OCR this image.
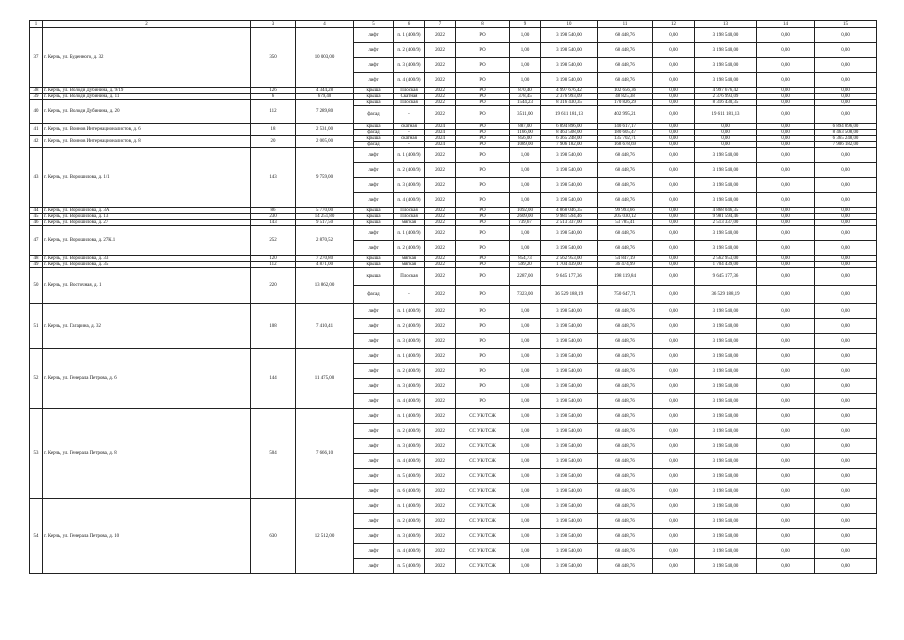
1	2	3	4	5	6	7	8	9	10	11	12	13	14	15
37	г. Керчь, ул. Буденного, д. 32	350	10 003,00	лифт	п. 1 (400/9)	2022	РО	1,00	3 198 540,00	68 448,76	0,00	3 198 540,00	0,00	0,00
				лифт	п. 2 (400/9)	2022	РО	1,00	3 198 540,00	68 448,76	0,00	3 198 540,00	0,00	0,00
				лифт	п. 3 (400/9)	2022	РО	1,00	3 198 540,00	68 448,76	0,00	3 198 540,00	0,00	0,00
				лифт	п. 4 (400/9)	2022	РО	1,00	3 198 540,00	68 448,76	0,00	3 198 540,00	0,00	0,00
38	г. Керчь, ул. Володи Дубинина, д. 9/19	126	4 344,28	крыша	Плоская	2022	РО	870,40	4 997 676,42	102 656,36	0,00	4 997 676,42	0,00	0,00
39	г. Керчь, ул. Володи Дубинина, д. 11	6	679,40	крыша	Скатная	2022	РО	378,45	2 376 993,09	48 825,38	0,00	2 376 993,09	0,00	0,00
40	г. Керчь, ул. Володи Дубинина, д. 20	112	7 289,80	крыша	Плоская	2022	РО	1544,23	8 316 430,35	170 826,29	0,00	8 316 430,35	0,00	0,00
				фасад	-	2022	РО	3511,00	19 611 181,13	402 995,21	0,00	19 611 181,13	0,00	0,00
41	г. Керчь, ул. Воинов Интернационалистов, д. 6	18	2 531,00	крыша	скатная	2024	РО	887,00	6 894 896,00	140 617,17	0,00	0,00	0,00	6 894 896,00
				фасад	-	2024	РО	1166,00	8 463 508,00	180 605,47	0,00	0,00	0,00	8 463 508,00
42	г. Керчь, ул. Воинов Интернационалистов, д. 8	20	2 005,00	крыша	скатная	2024	РО	856,00	6 365 248,00	135 702,71	0,00	0,00	0,00	6 365 248,00
				фасад	-	2024	РО	1089,00	7 906 182,00	168 678,69	0,00	0,00	0,00	7 906 182,00
43	г. Керчь, ул. Ворошилова, д. 1/1	143	9 759,00	лифт	п. 1 (400/9)	2022	РО	1,00	3 198 540,00	68 448,76	0,00	3 198 540,00	0,00	0,00
				лифт	п. 2 (400/9)	2022	РО	1,00	3 198 540,00	68 448,76	0,00	3 198 540,00	0,00	0,00
				лифт	п. 3 (400/9)	2022	РО	1,00	3 198 540,00	68 448,76	0,00	3 198 540,00	0,00	0,00
				лифт	п. 4 (400/9)	2022	РО	1,00	3 198 540,00	68 448,76	0,00	3 198 540,00	0,00	0,00
44	г. Керчь, ул. Ворошилова, д. 3А	86	5 770,00	крыша	Плоская	2022	РО	1092,00	4 868 046,35	99 993,66	0,00	4 868 046,35	0,00	0,00
45	г. Керчь, ул. Ворошилова, д. 13	230	14 251,80	крыша	Плоская	2022	РО	2609,00	9 981 594,46	205 030,12	0,00	9 981 594,46	0,00	0,00
46	г. Керчь, ул. Ворошилова, д. 27	143	9 517,50	крыша	мягкая	2022	РО	739,67	2 513 337,00	53 785,41	0,00	2 513 337,00	0,00	0,00
47	г. Керчь, ул. Ворошилова, д. 27К.1	252	2 870,52	лифт	п. 1 (400/9)	2022	РО	1,00	3 198 540,00	68 448,76	0,00	3 198 540,00	0,00	0,00
				лифт	п. 2 (400/9)	2022	РО	1,00	3 198 540,00	68 448,76	0,00	3 198 540,00	0,00	0,00
48	г. Керчь, ул. Ворошилова, д. 33	120	7 270,80	крыша	мягкая	2022	РО	854,73	2 562 953,00	54 847,19	0,00	2 562 953,00	0,00	0,00
49	г. Керчь, ул. Ворошилова, д. 35	112	4 871,00	крыша	мягкая	2022	РО	599,20	1 704 439,00	36 474,99	0,00	1 704 439,00	0,00	0,00
50	г. Керчь, ул. Восточная, д. 1	220	13 862,00	крыша	Плоская	2022	РО	2287,00	9 645 177,36	198 119,84	0,00	9 645 177,36	0,00	0,00
				фасад	-	2022	РО	7323,00	36 529 188,19	750 647,71	0,00	36 529 188,19	0,00	0,00
51	г. Керчь, ул. Гагарина, д. 32	108	7 410,41	лифт	п. 1 (400/9)	2022	РО	1,00	3 198 540,00	68 448,76	0,00	3 198 540,00	0,00	0,00
				лифт	п. 2 (400/9)	2022	РО	1,00	3 198 540,00	68 448,76	0,00	3 198 540,00	0,00	0,00
				лифт	п. 3 (400/9)	2022	РО	1,00	3 198 540,00	68 448,76	0,00	3 198 540,00	0,00	0,00
52	г. Керчь, ул. Генерала Петрова, д. 6	144	11 475,00	лифт	п. 1 (400/9)	2022	РО	1,00	3 198 540,00	68 448,76	0,00	3 198 540,00	0,00	0,00
				лифт	п. 2 (400/9)	2022	РО	1,00	3 198 540,00	68 448,76	0,00	3 198 540,00	0,00	0,00
				лифт	п. 3 (400/9)	2022	РО	1,00	3 198 540,00	68 448,76	0,00	3 198 540,00	0,00	0,00
				лифт	п. 4 (400/9)	2022	РО	1,00	3 198 540,00	68 448,76	0,00	3 198 540,00	0,00	0,00
53	г. Керчь, ул. Генерала Петрова, д. 8	504	7 666,10	лифт	п. 1 (400/9)	2022	СС УК/ТСЖ	1,00	3 198 540,00	68 448,76	0,00	3 198 540,00	0,00	0,00
				лифт	п. 2 (400/9)	2022	СС УК/ТСЖ	1,00	3 198 540,00	68 448,76	0,00	3 198 540,00	0,00	0,00
				лифт	п. 3 (400/9)	2022	СС УК/ТСЖ	1,00	3 198 540,00	68 448,76	0,00	3 198 540,00	0,00	0,00
				лифт	п. 4 (400/9)	2022	СС УК/ТСЖ	1,00	3 198 540,00	68 448,76	0,00	3 198 540,00	0,00	0,00
				лифт	п. 5 (400/9)	2022	СС УК/ТСЖ	1,00	3 198 540,00	68 448,76	0,00	3 198 540,00	0,00	0,00
				лифт	п. 6 (400/9)	2022	СС УК/ТСЖ	1,00	3 198 540,00	68 448,76	0,00	3 198 540,00	0,00	0,00
54	г. Керчь, ул. Генерала Петрова, д. 10	630	12 512,00	лифт	п. 1 (400/9)	2022	СС УК/ТСЖ	1,00	3 198 540,00	68 448,76	0,00	3 198 540,00	0,00	0,00
				лифт	п. 2 (400/9)	2022	СС УК/ТСЖ	1,00	3 198 540,00	68 448,76	0,00	3 198 540,00	0,00	0,00
				лифт	п. 3 (400/9)	2022	СС УК/ТСЖ	1,00	3 198 540,00	68 448,76	0,00	3 198 540,00	0,00	0,00
				лифт	п. 4 (400/9)	2022	СС УК/ТСЖ	1,00	3 198 540,00	68 448,76	0,00	3 198 540,00	0,00	0,00
				лифт	п. 5 (400/9)	2022	СС УК/ТСЖ	1,00	3 198 540,00	68 448,76	0,00	3 198 540,00	0,00	0,00
